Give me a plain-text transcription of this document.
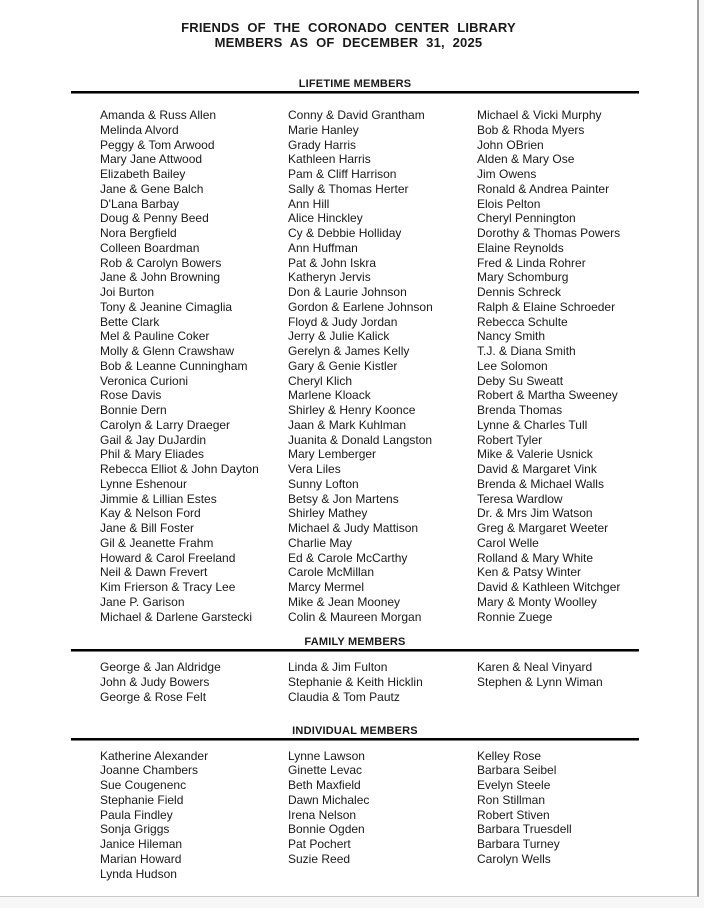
FRIENDS OF THE CORONADO CENTER LIBRARY
MEMBERS AS OF DECEMBER 31, 2025
LIFETIME MEMBERS
Amanda & Russ Allen
Melinda Alvord
Peggy & Tom Arwood
Mary Jane Attwood
Elizabeth Bailey
Jane & Gene Balch
D'Lana Barbay
Doug & Penny Beed
Nora Bergfield
Colleen Boardman
Rob & Carolyn Bowers
Jane & John Browning
Joi Burton
Tony & Jeanine Cimaglia
Bette Clark
Mel & Pauline Coker
Molly & Glenn Crawshaw
Bob & Leanne Cunningham
Veronica Curioni
Rose Davis
Bonnie Dern
Carolyn & Larry Draeger
Gail & Jay DuJardin
Phil & Mary Eliades
Rebecca Elliot & John Dayton
Lynne Eshenour
Jimmie & Lillian Estes
Kay & Nelson Ford
Jane & Bill Foster
Gil & Jeanette Frahm
Howard & Carol Freeland
Neil & Dawn Frevert
Kim Frierson & Tracy Lee
Jane P. Garison
Michael & Darlene Garstecki
Conny & David Grantham
Marie Hanley
Grady Harris
Kathleen Harris
Pam & Cliff Harrison
Sally & Thomas Herter
Ann Hill
Alice Hinckley
Cy & Debbie Holliday
Ann Huffman
Pat & John Iskra
Katheryn Jervis
Don & Laurie Johnson
Gordon & Earlene Johnson
Floyd & Judy Jordan
Jerry & Julie Kalick
Gerelyn & James Kelly
Gary & Genie Kistler
Cheryl Klich
Marlene Kloack
Shirley & Henry Koonce
Jaan & Mark Kuhlman
Juanita & Donald Langston
Mary Lemberger
Vera Liles
Sunny Lofton
Betsy & Jon Martens
Shirley Mathey
Michael & Judy Mattison
Charlie May
Ed & Carole McCarthy
Carole McMillan
Marcy Mermel
Mike & Jean Mooney
Colin & Maureen Morgan
Michael & Vicki Murphy
Bob & Rhoda Myers
John OBrien
Alden & Mary Ose
Jim Owens
Ronald & Andrea Painter
Elois Pelton
Cheryl Pennington
Dorothy & Thomas Powers
Elaine Reynolds
Fred & Linda Rohrer
Mary Schomburg
Dennis Schreck
Ralph & Elaine Schroeder
Rebecca Schulte
Nancy Smith
T.J. & Diana Smith
Lee Solomon
Deby Su Sweatt
Robert & Martha Sweeney
Brenda Thomas
Lynne & Charles Tull
Robert Tyler
Mike & Valerie Usnick
David & Margaret Vink
Brenda & Michael Walls
Teresa Wardlow
Dr. & Mrs Jim Watson
Greg & Margaret Weeter
Carol Welle
Rolland & Mary White
Ken & Patsy Winter
David & Kathleen Witchger
Mary & Monty Woolley
Ronnie Zuege
FAMILY MEMBERS
George & Jan Aldridge
John & Judy Bowers
George & Rose Felt
Linda & Jim Fulton
Stephanie & Keith Hicklin
Claudia & Tom Pautz
Karen & Neal Vinyard
Stephen & Lynn Wiman
INDIVIDUAL MEMBERS
Katherine Alexander
Joanne Chambers
Sue Cougenenc
Stephanie Field
Paula Findley
Sonja Griggs
Janice Hileman
Marian Howard
Lynda Hudson
Lynne Lawson
Ginette Levac
Beth Maxfield
Dawn Michalec
Irena Nelson
Bonnie Ogden
Pat Pochert
Suzie Reed
Kelley Rose
Barbara Seibel
Evelyn Steele
Ron Stillman
Robert Stiven
Barbara Truesdell
Barbara Turney
Carolyn Wells
